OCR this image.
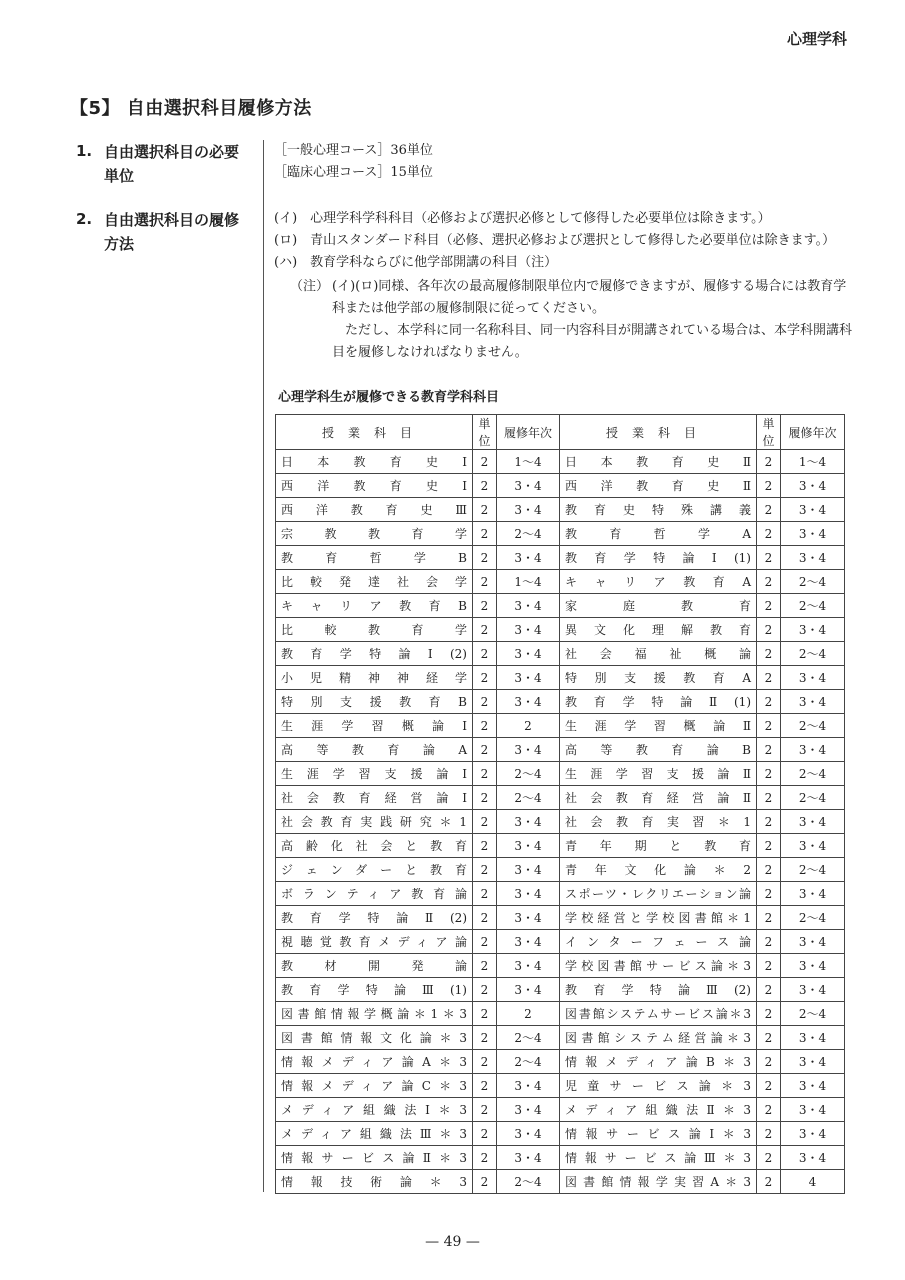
心理学科
【5】 自由選択科目履修方法
1. 自由選択科目の必要
単位
［一般心理コース］36単位
［臨床心理コース］15単位
2. 自由選択科目の履修
方法
(イ)　心理学科学科科目（必修および選択必修として修得した必要単位は除きます。）
(ロ)　青山スタンダード科目（必修、選択必修および選択として修得した必要単位は除きます。）
(ハ)　教育学科ならびに他学部開講の科目（注）
（注） (イ)(ロ)同様、各年次の最高履修制限単位内で履修できますが、履修する場合には教育学科または他学部の履修制限に従ってください。

　ただし、本学科に同一名称科目、同一内容科目が開講されている場合は、本学科開講科目を履修しなければなりません。

心理学科生が履修できる教育学科科目
授業科目	単位	履修年次	授業科目	単位	履修年次
日本教育史Ⅰ	2	1〜4	日本教育史Ⅱ	2	1〜4
西洋教育史Ⅰ	2	3・4	西洋教育史Ⅱ	2	3・4
西洋教育史Ⅲ	2	3・4	教育史特殊講義	2	3・4
宗教教育学	2	2〜4	教育哲学A	2	3・4
教育哲学B	2	3・4	教育学特論Ⅰ(1)	2	3・4
比較発達社会学	2	1〜4	キャリア教育A	2	2〜4
キャリア教育B	2	3・4	家庭教育	2	2〜4
比較教育学	2	3・4	異文化理解教育	2	3・4
教育学特論Ⅰ(2)	2	3・4	社会福祉概論	2	2〜4
小児精神神経学	2	3・4	特別支援教育A	2	3・4
特別支援教育B	2	3・4	教育学特論Ⅱ(1)	2	3・4
生涯学習概論Ⅰ	2	2	生涯学習概論Ⅱ	2	2〜4
高等教育論A	2	3・4	高等教育論B	2	3・4
生涯学習支援論Ⅰ	2	2〜4	生涯学習支援論Ⅱ	2	2〜4
社会教育経営論Ⅰ	2	2〜4	社会教育経営論Ⅱ	2	2〜4
社会教育実践研究＊1	2	3・4	社会教育実習＊1	2	3・4
高齢化社会と教育	2	3・4	青年期と教育	2	3・4
ジェンダーと教育	2	3・4	青年文化論＊2	2	2〜4
ボランティア教育論	2	3・4	スポーツ・レクリエーション論	2	3・4
教育学特論Ⅱ(2)	2	3・4	学校経営と学校図書館＊1	2	2〜4
視聴覚教育メディア論	2	3・4	インターフェース論	2	3・4
教材開発論	2	3・4	学校図書館サービス論＊3	2	3・4
教育学特論Ⅲ(1)	2	3・4	教育学特論Ⅲ(2)	2	3・4
図書館情報学概論＊1＊3	2	2	図書館システムサービス論＊3	2	2〜4
図書館情報文化論＊3	2	2〜4	図書館システム経営論＊3	2	3・4
情報メディア論A＊3	2	2〜4	情報メディア論B＊3	2	3・4
情報メディア論C＊3	2	3・4	児童サービス論＊3	2	3・4
メディア組織法Ⅰ＊3	2	3・4	メディア組織法Ⅱ＊3	2	3・4
メディア組織法Ⅲ＊3	2	3・4	情報サービス論Ⅰ＊3	2	3・4
情報サービス論Ⅱ＊3	2	3・4	情報サービス論Ⅲ＊3	2	3・4
情報技術論＊3	2	2〜4	図書館情報学実習A＊3	2	4
— 49 —
